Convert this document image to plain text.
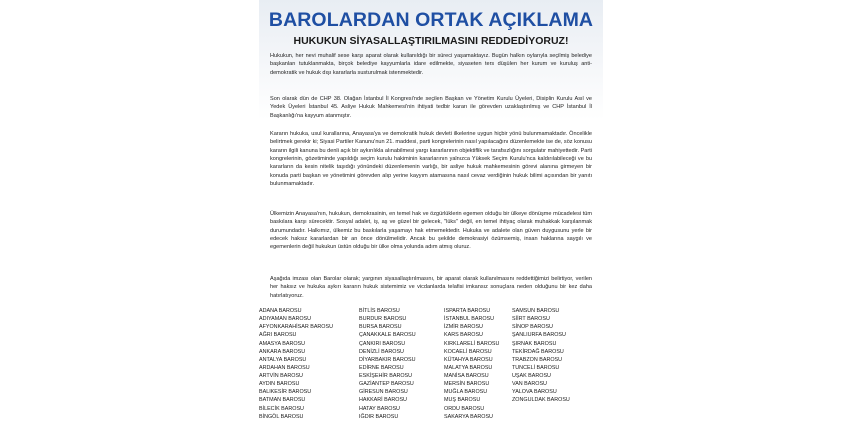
BAROLARDAN ORTAK AÇIKLAMA
HUKUKUN SİYASALLAŞTIRILMASINI REDDEDİYORUZ!

Hukukun, her nevi muhalif sese karşı aparat olarak kullanıldığı bir süreci yaşamaktayız. Bugün halkın oylarıyla seçilmiş belediye başkanları tutuklanmakta, birçok belediye kayyumlarla idare edilmekte, siyaseten ters düşülen her kurum ve kuruluş anti-demokratik ve hukuk dışı kararlarla susturulmak istenmektedir.

Son olarak dün de CHP 38. Olağan İstanbul İl Kongresi'nde seçilen Başkan ve Yönetim Kurulu Üyeleri, Disiplin Kurulu Asıl ve Yedek Üyeleri İstanbul 45. Asliye Hukuk Mahkemesi'nin ihtiyati tedbir kararı ile görevden uzaklaştırılmış ve CHP İstanbul İl Başkanlığı'na kayyum atanmıştır.

Kararın hukuka, usul kurallarına, Anayasa'ya ve demokratik hukuk devleti ilkelerine uygun hiçbir yönü bulunmamaktadır. Öncelikle belirtmek gerekir ki; Siyasi Partiler Kanunu'nun 21. maddesi, parti kongrelerinin nasıl yapılacağını düzenlemekte ise de, söz konusu kararın ilgili kanuna bu denli açık bir aykırılıkla alınabilmesi yargı kararlarının objektiflik ve tarafsızlığını sorgulatır mahiyettedir. Parti kongrelerinin, gözetiminde yapıldığı seçim kurulu hakiminin kararlarının yalnızca Yüksek Seçim Kurulu'nca kaldırılabileceği ve bu kararların da kesin nitelik taşıdığı yönündeki düzenlemenin varlığı, bir asliye hukuk mahkemesinin görevi alanına girmeyen bir konuda parti başkan ve yönetimini görevden alıp yerine kayyım atamasına nasıl cevaz verdiğinin hukuk bilimi açısından bir yanıtı bulunmamaktadır.

Ülkemizin Anayasa'nın, hukukun, demokrasinin, en temel hak ve özgürlüklerin egemen olduğu bir ülkeye dönüşme mücadelesi tüm baskılara karşı sürecektir. Sosyal adalet, iş, aş ve güzel bir gelecek, "lüks" değil, en temel ihtiyaç olarak muhakkak karşılanmak durumundadır. Halkımız, ülkemiz bu baskılarla yaşamayı hak etmemektedir. Hukuka ve adalete olan güven duygusunu yerle bir edecek haksız kararlardan bir an önce dönülmelidir. Ancak bu şekilde demokrasiyi özümsemiş, insan haklarına saygılı ve egemenlerin değil hukukun üstün olduğu bir ülke olma yolunda adım atmış oluruz.

Aşağıda imzası olan Barolar olarak; yargının siyasallaştırılmasını, bir aparat olarak kullanılmasını reddettiğimizi belirtiyor, verilen her haksız ve hukuka aykırı kararın hukuk sistemimiz ve vicdanlarda telafisi imkansız sonuçlara neden olduğunu bir kez daha hatırlatıyoruz.

ADANA BAROSU
ADIYAMAN BAROSU
AFYONKARAHİSAR BAROSU
AĞRI BAROSU
AMASYA BAROSU
ANKARA BAROSU
ANTALYA BAROSU
ARDAHAN BAROSU
ARTVİN BAROSU
AYDIN BAROSU
BALIKESİR BAROSU
BATMAN BAROSU
BİLECİK BAROSU
BİNGÖL BAROSU
BİTLİS BAROSU
BURDUR BAROSU
BURSA BAROSU
ÇANAKKALE BAROSU
ÇANKIRI BAROSU
DENİZLİ BAROSU
DİYARBAKIR BAROSU
EDİRNE BAROSU
ESKİŞEHİR BAROSU
GAZİANTEP BAROSU
GİRESUN BAROSU
HAKKARİ BAROSU
HATAY BAROSU
IĞDIR BAROSU
ISPARTA BAROSU
İSTANBUL BAROSU
İZMİR BAROSU
KARS BAROSU
KIRKLARELİ BAROSU
KOCAELİ BAROSU
KÜTAHYA BAROSU
MALATYA BAROSU
MANİSA BAROSU
MERSİN BAROSU
MUĞLA BAROSU
MUŞ BAROSU
ORDU BAROSU
SAKARYA BAROSU
SAMSUN BAROSU
SİİRT BAROSU
SİNOP BAROSU
ŞANLIURFA BAROSU
ŞIRNAK BAROSU
TEKİRDAĞ BAROSU
TRABZON BAROSU
TUNCELİ BAROSU
UŞAK BAROSU
VAN BAROSU
YALOVA BAROSU
ZONGULDAK BAROSU
